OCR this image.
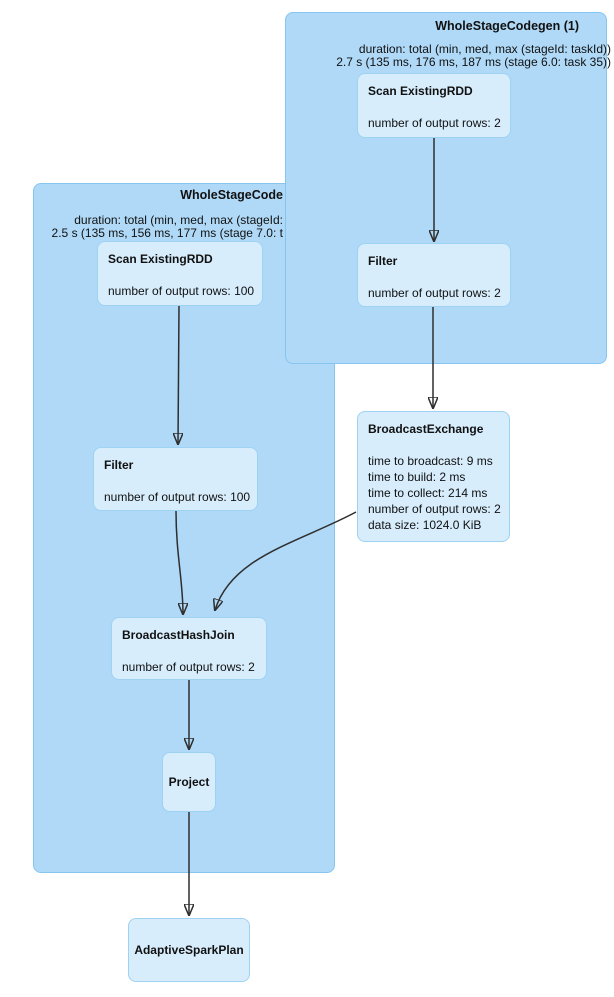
WholeStageCodegen (1)
duration: total (min, med, max (stageId: taskId))
2.7 s (135 ms, 176 ms, 187 ms (stage 6.0: task 35))
WholeStageCode
duration: total (min, med, max (stageId:
2.5 s (135 ms, 156 ms, 177 ms (stage 7.0: t
Scan ExistingRDD
number of output rows: 2
Filter
number of output rows: 2
BroadcastExchange
time to broadcast: 9 ms
time to build: 2 ms
time to collect: 214 ms
number of output rows: 2
data size: 1024.0 KiB
Scan ExistingRDD
number of output rows: 100
Filter
number of output rows: 100
BroadcastHashJoin
number of output rows: 2
Project
AdaptiveSparkPlan
